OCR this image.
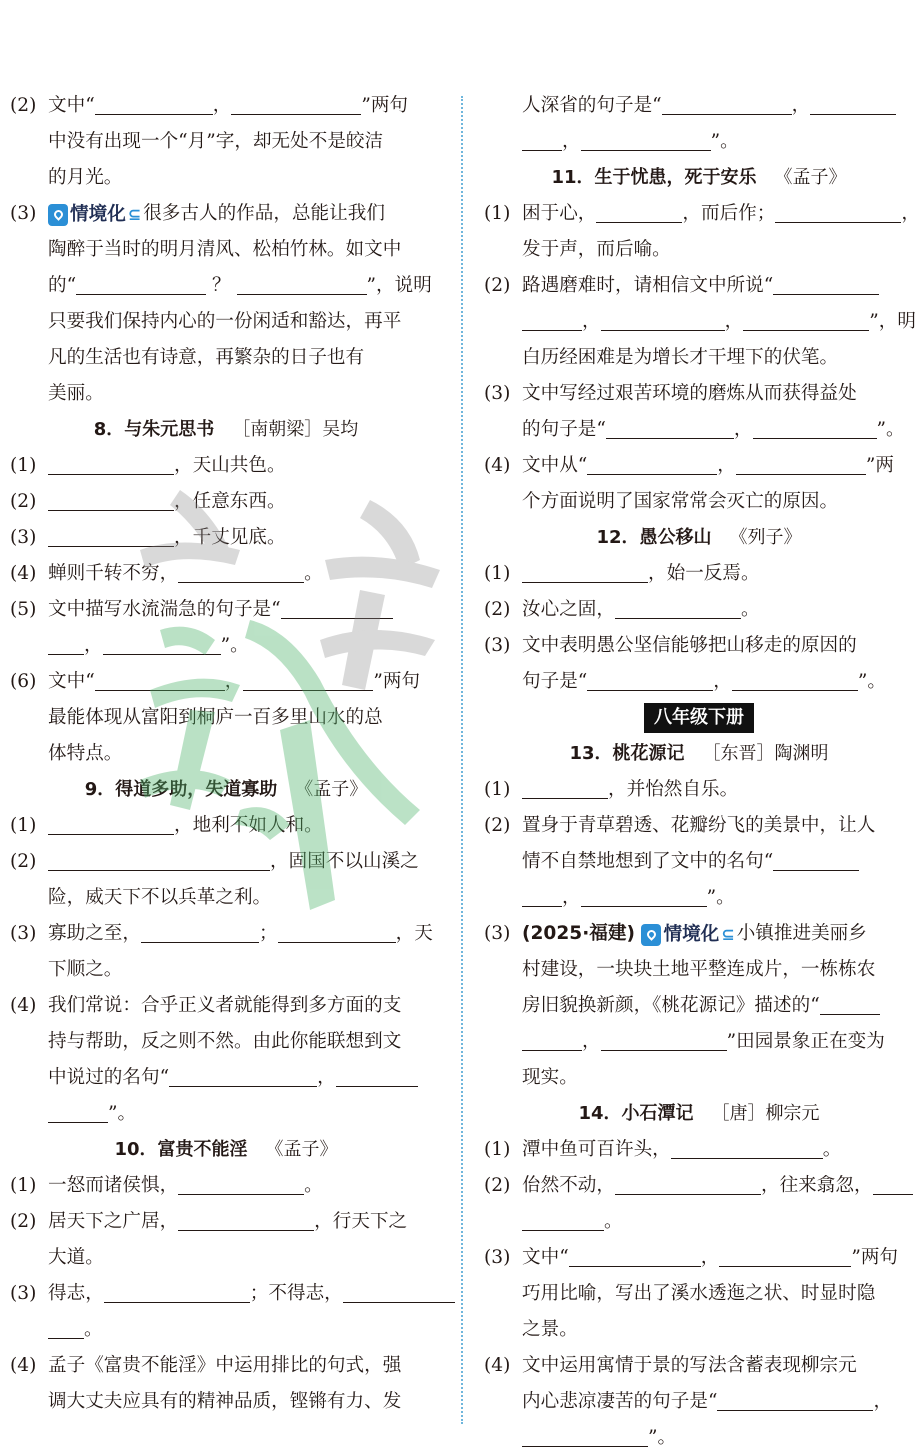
(2) 文中“	，	”两句
中没有出现一个“月”字，却无处不是皎洁
的月光。
(3) 情境化 ⊆ 很多古人的作品，总能让我们
陶醉于当时的明月清风、松柏竹林。如文中
的“	？	”，说明
只要我们保持内心的一份闲适和豁达，再平
凡的生活也有诗意，再繁杂的日子也有
美丽。
8．与朱元思书 ［南朝梁］吴均
(1)	，天山共色。
(2)	，任意东西。
(3)	，千丈见底。
(4) 蝉则千转不穷，	。
(5) 文中描写水流湍急的句子是“
，	”。
(6) 文中“	，	”两句
最能体现从富阳到桐庐一百多里山水的总
体特点。
9．得道多助，失道寡助 《孟子》
(1)	，地利不如人和。
(2)	，固国不以山溪之
险，威天下不以兵革之利。
(3) 寡助之至，	；	，天
下顺之。
(4) 我们常说：合乎正义者就能得到多方面的支
持与帮助，反之则不然。由此你能联想到文
中说过的名句“	，
”。
10．富贵不能淫 《孟子》
(1) 一怒而诸侯惧，	。
(2) 居天下之广居，	，行天下之
大道。
(3) 得志，	；不得志，
。
(4) 孟子《富贵不能淫》中运用排比的句式，强
调大丈夫应具有的精神品质，铿锵有力、发
人深省的句子是“	，
，	”。
11．生于忧患，死于安乐 《孟子》
(1) 困于心，	，而后作；	，
发于声，而后喻。
(2) 路遇磨难时，请相信文中所说“
，	，	”，明
白历经困难是为增长才干埋下的伏笔。
(3) 文中写经过艰苦环境的磨炼从而获得益处
的句子是“	，	”。
(4) 文中从“	，	”两
个方面说明了国家常常会灭亡的原因。
12．愚公移山 《列子》
(1)	，始一反焉。
(2) 汝心之固，	。
(3) 文中表明愚公坚信能够把山移走的原因的
句子是“	，	”。
八年级下册
13．桃花源记 ［东晋］陶渊明
(1)	，并怡然自乐。
(2) 置身于青草碧透、花瓣纷飞的美景中，让人
情不自禁地想到了文中的名句“
，	”。
(3) (2025·福建) 情境化 ⊆ 小镇推进美丽乡
村建设，一块块土地平整连成片，一栋栋农
房旧貌换新颜，《桃花源记》描述的“
，	”田园景象正在变为
现实。
14．小石潭记 ［唐］柳宗元
(1) 潭中鱼可百许头，	。
(2) 佁然不动，	，往来翕忽，
。
(3) 文中“	，	”两句
巧用比喻，写出了溪水透迤之状、时显时隐
之景。
(4) 文中运用寓情于景的写法含蓄表现柳宗元
内心悲凉凄苦的句子是“	，
”。
